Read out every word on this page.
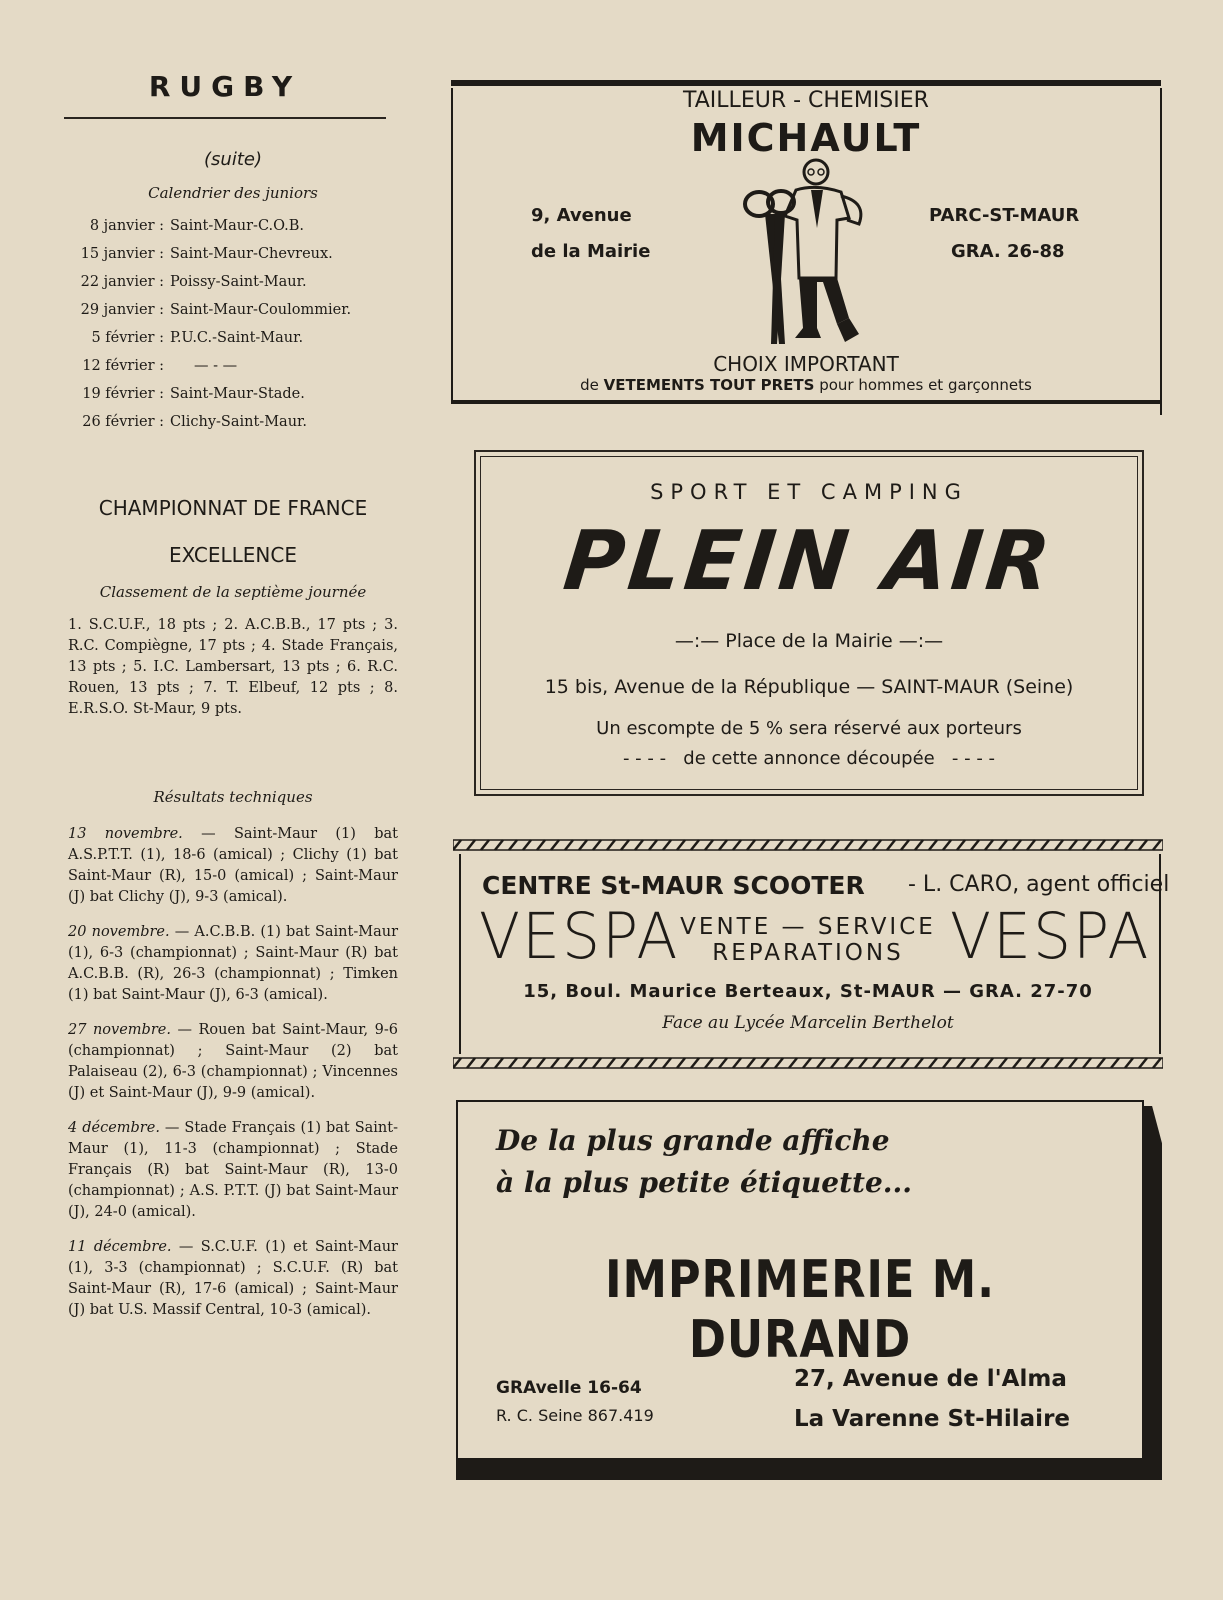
RUGBY
(suite)
Calendrier des juniors
8 janvier : Saint-Maur-C.O.B.
15 janvier : Saint-Maur-Chevreux.
22 janvier : Poissy-Saint-Maur.
29 janvier : Saint-Maur-Coulommier.
5 février : P.U.C.-Saint-Maur.
12 février :	— - —
19 février : Saint-Maur-Stade.
26 février : Clichy-Saint-Maur.
CHAMPIONNAT DE FRANCE
EXCELLENCE
Classement de la septième journée
1. S.C.U.F., 18 pts ; 2. A.C.B.B., 17 pts ; 3. R.C. Compiègne, 17 pts ; 4. Stade Français, 13 pts ; 5. I.C. Lambersart, 13 pts ; 6. R.C. Rouen, 13 pts ; 7. T. Elbeuf, 12 pts ; 8. E.R.S.O. St-Maur, 9 pts.
Résultats techniques
13 novembre. — Saint-Maur (1) bat A.S.P.T.T. (1), 18-6 (amical) ; Clichy (1) bat Saint-Maur (R), 15-0 (amical) ; Saint-Maur (J) bat Clichy (J), 9-3 (amical).
20 novembre. — A.C.B.B. (1) bat Saint-Maur (1), 6-3 (championnat) ; Saint-Maur (R) bat A.C.B.B. (R), 26-3 (championnat) ; Timken (1) bat Saint-Maur (J), 6-3 (amical).
27 novembre. — Rouen bat Saint-Maur, 9-6 (championnat) ; Saint-Maur (2) bat Palaiseau (2), 6-3 (championnat) ; Vincennes (J) et Saint-Maur (J), 9-9 (amical).
4 décembre. — Stade Français (1) bat Saint-Maur (1), 11-3 (championnat) ; Stade Français (R) bat Saint-Maur (R), 13-0 (championnat) ; A.S. P.T.T. (J) bat Saint-Maur (J), 24-0 (amical).
11 décembre. — S.C.U.F. (1) et Saint-Maur (1), 3-3 (championnat) ; S.C.U.F. (R) bat Saint-Maur (R), 17-6 (amical) ; Saint-Maur (J) bat U.S. Massif Central, 10-3 (amical).
TAILLEUR - CHEMISIER
MICHAULT
9, Avenue
de la Mairie
PARC-ST-MAUR
GRA. 26-88
CHOIX IMPORTANT
de VETEMENTS TOUT PRETS pour hommes et garçonnets
SPORT ET CAMPING
PLEIN AIR
—:— Place de la Mairie —:—
15 bis, Avenue de la République — SAINT-MAUR (Seine)
Un escompte de 5 % sera réservé aux porteurs
- - - -   de cette annonce découpée   - - - -
CENTRE St-MAUR SCOOTER - L. CARO, agent officiel
VESPA VENTE — SERVICE
REPARATIONS VESPA
15, Boul. Maurice Berteaux, St-MAUR — GRA. 27-70
Face au Lycée Marcelin Berthelot
De la plus grande affiche
à la plus petite étiquette...
IMPRIMERIE M. DURAND
GRAvelle 16-64
R. C. Seine 867.419
27, Avenue de l'Alma
La Varenne St-Hilaire
